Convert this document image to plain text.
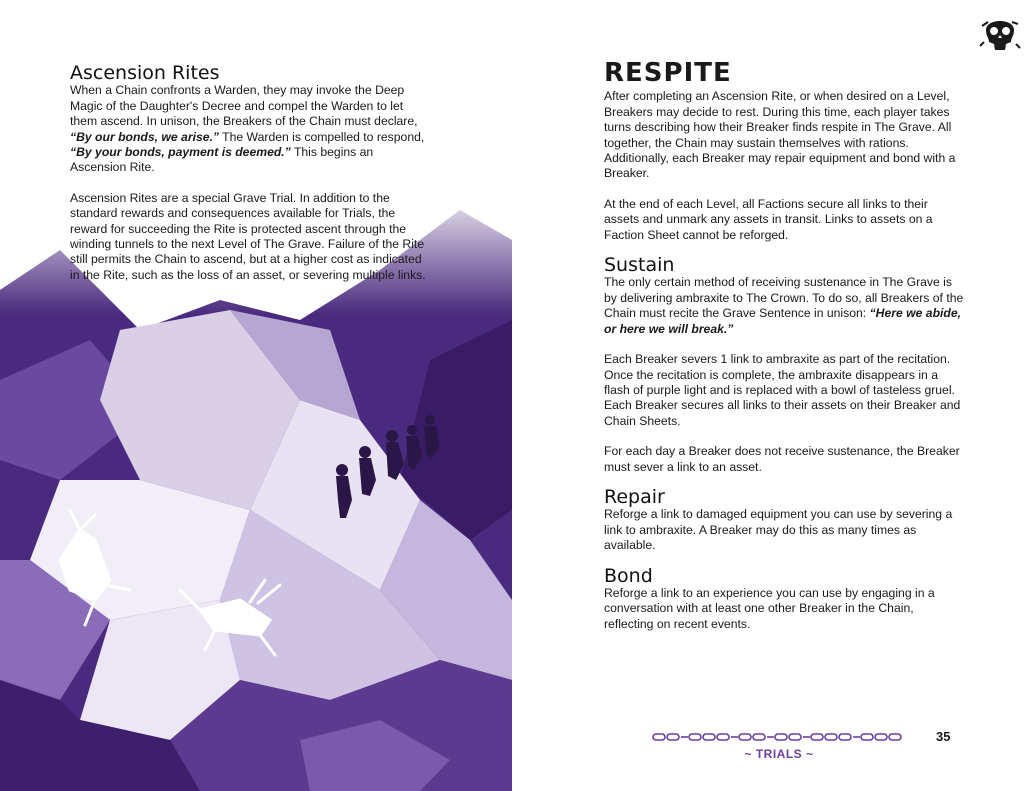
Ascension Rites

When a Chain confronts a Warden, they may invoke the Deep Magic of the Daughter's Decree and compel the Warden to let them ascend. In unison, the Breakers of the Chain must declare, “By our bonds, we arise.” The Warden is compelled to respond, “By your bonds, payment is deemed.” This begins an Ascension Rite.

Ascension Rites are a special Grave Trial. In addition to the standard rewards and consequences available for Trials, the reward for succeeding the Rite is protected ascent through the winding tunnels to the next Level of The Grave. Failure of the Rite still permits the Chain to ascend, but at a higher cost as indicated in the Rite, such as the loss of an asset, or severing multiple links.

RESPITE

After completing an Ascension Rite, or when desired on a Level, Breakers may decide to rest. During this time, each player takes turns describing how their Breaker finds respite in The Grave. All together, the Chain may sustain themselves with rations. Additionally, each Breaker may repair equipment and bond with a Breaker.

At the end of each Level, all Factions secure all links to their assets and unmark any assets in transit. Links to assets on a Faction Sheet cannot be reforged.

Sustain

The only certain method of receiving sustenance in The Grave is by delivering ambraxite to The Crown. To do so, all Breakers of the Chain must recite the Grave Sentence in unison: “Here we abide, or here we will break.”

Each Breaker severs 1 link to ambraxite as part of the recitation. Once the recitation is complete, the ambraxite disappears in a flash of purple light and is replaced with a bowl of tasteless gruel. Each Breaker secures all links to their assets on their Breaker and Chain Sheets.

For each day a Breaker does not receive sustenance, the Breaker must sever a link to an asset.

Repair

Reforge a link to damaged equipment you can use by severing a link to ambraxite. A Breaker may do this as many times as available.

Bond

Reforge a link to an experience you can use by engaging in a conversation with at least one other Breaker in the Chain, reflecting on recent events.

~ TRIALS ~
35
